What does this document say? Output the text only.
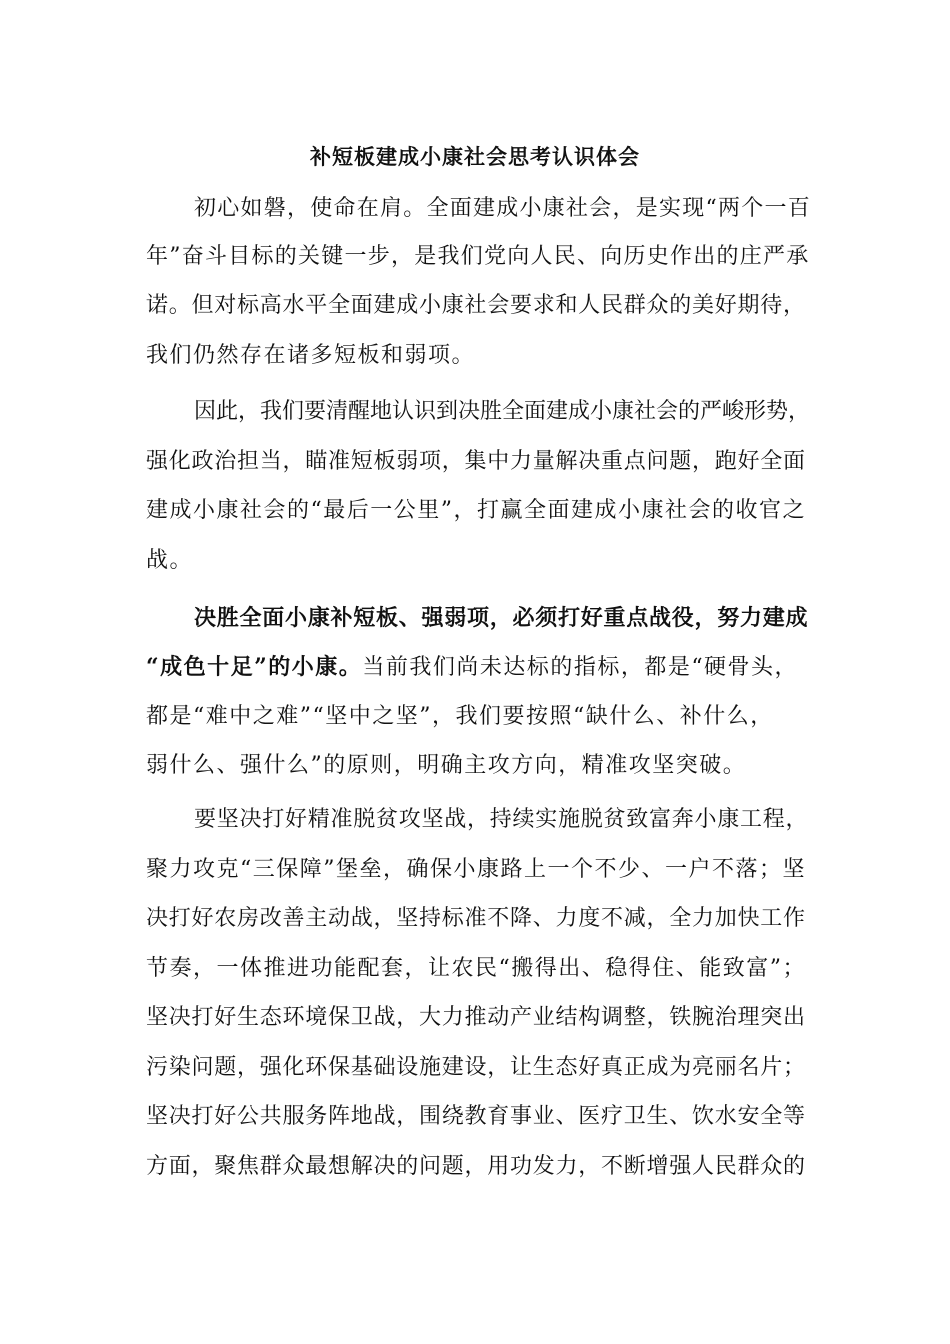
补短板建成小康社会思考认识体会
初心如磐，使命在肩。全面建成小康社会，是实现“两个一百
年”奋斗目标的关键一步，是我们党向人民、向历史作出的庄严承
诺。但对标高水平全面建成小康社会要求和人民群众的美好期待，
我们仍然存在诸多短板和弱项。
因此，我们要清醒地认识到决胜全面建成小康社会的严峻形势，
强化政治担当，瞄准短板弱项，集中力量解决重点问题，跑好全面
建成小康社会的“最后一公里”，打赢全面建成小康社会的收官之
战。
决胜全面小康补短板、强弱项，必须打好重点战役，努力建成
“成色十足”的小康。当前我们尚未达标的指标，都是“硬骨头，
都是“难中之难”“坚中之坚”，我们要按照“缺什么、补什么，
弱什么、强什么”的原则，明确主攻方向，精准攻坚突破。
要坚决打好精准脱贫攻坚战，持续实施脱贫致富奔小康工程，
聚力攻克“三保障”堡垒，确保小康路上一个不少、一户不落；坚
决打好农房改善主动战，坚持标准不降、力度不减，全力加快工作
节奏，一体推进功能配套，让农民“搬得出、稳得住、能致富”；
坚决打好生态环境保卫战，大力推动产业结构调整，铁腕治理突出
污染问题，强化环保基础设施建设，让生态好真正成为亮丽名片；
坚决打好公共服务阵地战，围绕教育事业、医疗卫生、饮水安全等
方面，聚焦群众最想解决的问题，用功发力，不断增强人民群众的
